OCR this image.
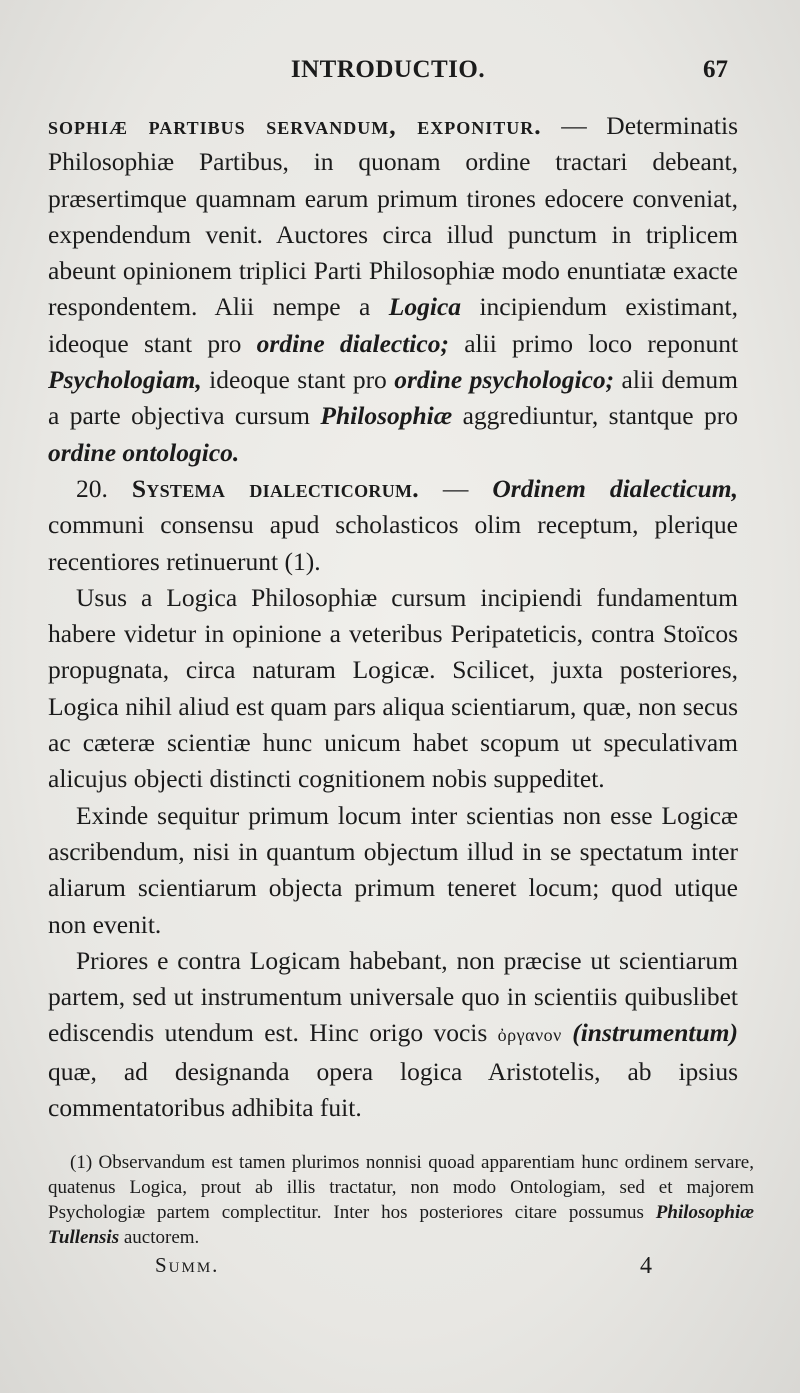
INTRODUCTIO.	67

sophiæ partibus servandum, exponitur. — Determinatis Philosophiæ Partibus, in quonam ordine tractari debeant, præsertimque quamnam earum primum tirones edocere conveniat, expendendum venit. Auctores circa illud punctum in triplicem abeunt opinionem triplici Parti Philosophiæ modo enuntiatæ exacte respondentem. Alii nempe a Logica incipiendum existimant, ideoque stant pro ordine dialectico; alii primo loco reponunt Psychologiam, ideoque stant pro ordine psychologico; alii demum a parte objectiva cursum Philosophiæ aggrediuntur, stantque pro ordine ontologico.

20. Systema dialecticorum. — Ordinem dialecticum, communi consensu apud scholasticos olim receptum, plerique recentiores retinuerunt (1).

Usus a Logica Philosophiæ cursum incipiendi fundamentum habere videtur in opinione a veteribus Peripateticis, contra Stoïcos propugnata, circa naturam Logicæ. Scilicet, juxta posteriores, Logica nihil aliud est quam pars aliqua scientiarum, quæ, non secus ac cæteræ scientiæ hunc unicum habet scopum ut speculativam alicujus objecti distincti cognitionem nobis suppeditet.

Exinde sequitur primum locum inter scientias non esse Logicæ ascribendum, nisi in quantum objectum illud in se spectatum inter aliarum scientiarum objecta primum teneret locum; quod utique non evenit.

Priores e contra Logicam habebant, non præcise ut scientiarum partem, sed ut instrumentum universale quo in scientiis quibuslibet ediscendis utendum est. Hinc origo vocis ὀργανον (instrumentum) quæ, ad designanda opera logica Aristotelis, ab ipsius commentatoribus adhibita fuit.

(1) Observandum est tamen plurimos nonnisi quoad apparentiam hunc ordinem servare, quatenus Logica, prout ab illis tractatur, non modo Ontologiam, sed et majorem Psychologiæ partem complectitur. Inter hos posteriores citare possumus Philosophiæ Tullensis auctorem.

Summ.	4
